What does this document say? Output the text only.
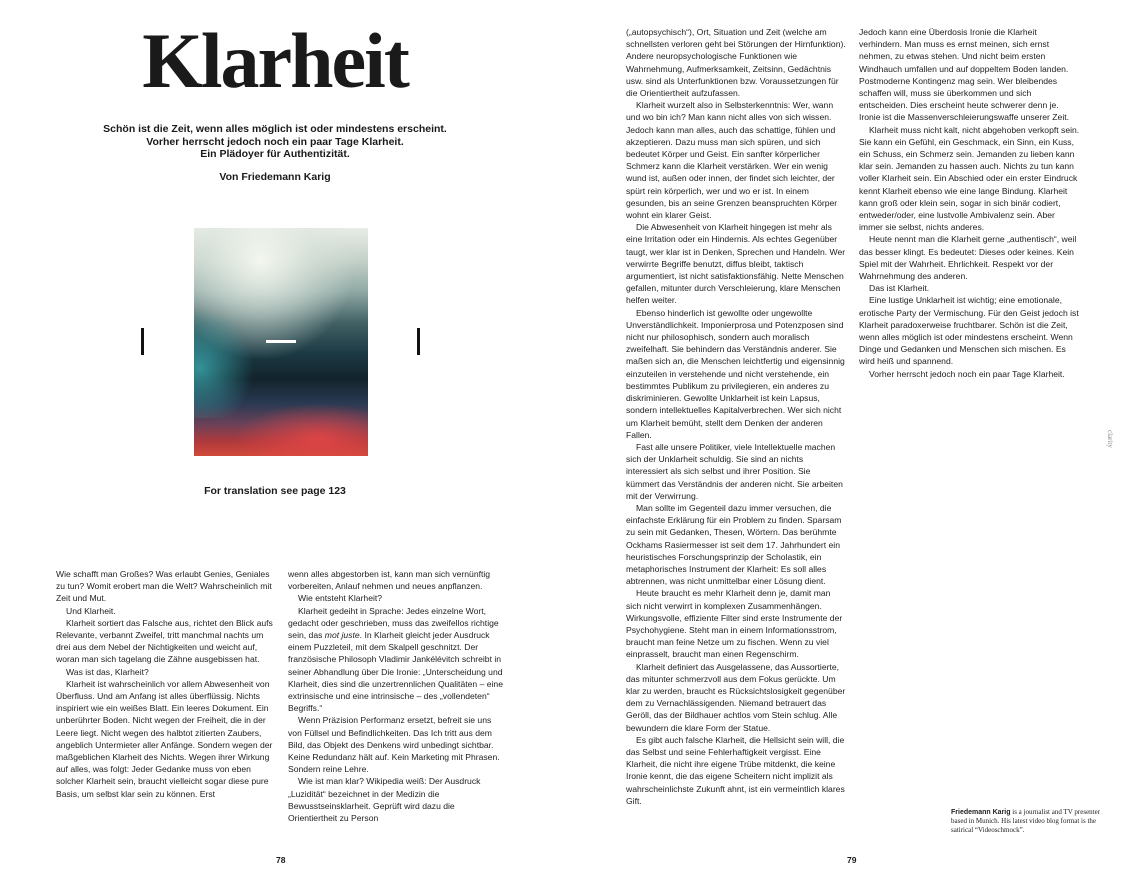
Klarheit
Schön ist die Zeit, wenn alles möglich ist oder mindestens erscheint.
Vorher herrscht jedoch noch ein paar Tage Klarheit.
Ein Plädoyer für Authentizität.
Von Friedemann Karig
For translation see page 123

Wie schafft man Großes? Was erlaubt Genies, Geniales zu tun? Womit erobert man die Welt? Wahrscheinlich mit Zeit und Mut.

Und Klarheit.

Klarheit sortiert das Falsche aus, richtet den Blick aufs Relevante, verbannt Zweifel, tritt manchmal nachts um drei aus dem Nebel der Nichtigkeiten und weicht auf, woran man sich tagelang die Zähne ausgebissen hat.

Was ist das, Klarheit?

Klarheit ist wahrscheinlich vor allem Abwesenheit von Überfluss. Und am Anfang ist alles überflüssig. Nichts inspiriert wie ein weißes Blatt. Ein leeres Dokument. Ein unberührter Boden. Nicht wegen der Freiheit, die in der Leere liegt. Nicht wegen des halbtot zitierten Zaubers, angeblich Untermieter aller Anfänge. Sondern wegen der maßgeblichen Klarheit des Nichts. Wegen ihrer Wirkung auf alles, was folgt: Jeder Gedanke muss von eben solcher Klarheit sein, braucht vielleicht sogar diese pure Basis, um selbst klar sein zu können. Erst

wenn alles abgestorben ist, kann man sich vernünftig vorbereiten, Anlauf nehmen und neues anpflanzen.

Wie entsteht Klarheit?

Klarheit gedeiht in Sprache: Jedes einzelne Wort, gedacht oder geschrieben, muss das zweifellos richtige sein, das mot juste. In Klarheit gleicht jeder Ausdruck einem Puzzleteil, mit dem Skalpell geschnitzt. Der französische Philosoph Vladimir Jankélévitch schreibt in seiner Abhandlung über Die Ironie: „Unterscheidung und Klarheit, dies sind die unzertrennlichen Qualitäten – eine extrinsische und eine intrinsische – des „vollendeten“ Begriffs.“

Wenn Präzision Performanz ersetzt, befreit sie uns von Füllsel und Befindlichkeiten. Das Ich tritt aus dem Bild, das Objekt des Denkens wird unbedingt sichtbar. Keine Redundanz hält auf. Kein Marketing mit Phrasen. Sondern reine Lehre.

Wie ist man klar? Wikipedia weiß: Der Ausdruck „Luzidität“ bezeichnet in der Medizin die Bewusstseinsklarheit. Geprüft wird dazu die Orientiertheit zu Person

78

(„autopsychisch“), Ort, Situation und Zeit (welche am schnellsten verloren geht bei Störungen der Hirnfunktion). Andere neuropsychologische Funktionen wie Wahrnehmung, Aufmerksamkeit, Zeitsinn, Gedächtnis usw. sind als Unterfunktionen bzw. Voraussetzungen für die Orientiertheit aufzufassen.

Klarheit wurzelt also in Selbsterkenntnis: Wer, wann und wo bin ich? Man kann nicht alles von sich wissen. Jedoch kann man alles, auch das schattige, fühlen und akzeptieren. Dazu muss man sich spüren, und sich bedeutet Körper und Geist. Ein sanfter körperlicher Schmerz kann die Klarheit verstärken. Wer ein wenig wund ist, außen oder innen, der findet sich leichter, der spürt rein körperlich, wer und wo er ist. In einem gesunden, bis an seine Grenzen beanspruchten Körper wohnt ein klarer Geist.

Die Abwesenheit von Klarheit hingegen ist mehr als eine Irritation oder ein Hindernis. Als echtes Gegenüber taugt, wer klar ist in Denken, Sprechen und Handeln. Wer verwirrte Begriffe benutzt, diffus bleibt, taktisch argumentiert, ist nicht satisfaktionsfähig. Nette Menschen gefallen, mitunter durch Verschleierung, klare Menschen helfen weiter.

Ebenso hinderlich ist gewollte oder ungewollte Unverständlichkeit. Imponierprosa und Potenzposen sind nicht nur philosophisch, sondern auch moralisch zweifelhaft. Sie behindern das Verständnis anderer. Sie maßen sich an, die Menschen leichtfertig und eigensinnig einzuteilen in verstehende und nicht verstehende, ein bestimmtes Publikum zu privilegieren, ein anderes zu diskriminieren. Gewollte Unklarheit ist kein Lapsus, sondern intellektuelles Kapitalverbrechen. Wer sich nicht um Klarheit bemüht, stellt dem Denken der anderen Fallen.

Fast alle unsere Politiker, viele Intellektuelle machen sich der Unklarheit schuldig. Sie sind an nichts interessiert als sich selbst und ihrer Position. Sie kümmert das Verständnis der anderen nicht. Sie arbeiten mit der Verwirrung.

Man sollte im Gegenteil dazu immer versuchen, die einfachste Erklärung für ein Problem zu finden. Sparsam zu sein mit Gedanken, Thesen, Wörtern. Das berühmte Ockhams Rasiermesser ist seit dem 17. Jahrhundert ein heuristisches Forschungsprinzip der Scholastik, ein metaphorisches Instrument der Klarheit: Es soll alles abtrennen, was nicht unmittelbar einer Lösung dient.

Heute braucht es mehr Klarheit denn je, damit man sich nicht verwirrt in komplexen Zusammenhängen. Wirkungsvolle, effiziente Filter sind erste Instrumente der Psychohygiene. Steht man in einem Informationsstrom, braucht man feine Netze um zu fischen. Wenn zu viel einprasselt, braucht man einen Regenschirm.

Klarheit definiert das Ausgelassene, das Aussortierte, das mitunter schmerzvoll aus dem Fokus gerückte. Um klar zu werden, braucht es Rücksichtslosigkeit gegenüber dem zu Vernachlässigenden. Niemand betrauert das Geröll, das der Bildhauer achtlos vom Stein schlug. Alle bewundern die klare Form der Statue.

Es gibt auch falsche Klarheit, die Hellsicht sein will, die das Selbst und seine Fehlerhaftigkeit vergisst. Eine Klarheit, die nicht ihre eigene Trübe mitdenkt, die keine Ironie kennt, die das eigene Scheitern nicht implizit als wahrscheinlichste Zukunft ahnt, ist ein vermeintlich klares Gift.

Jedoch kann eine Überdosis Ironie die Klarheit verhindern. Man muss es ernst meinen, sich ernst nehmen, zu etwas stehen. Und nicht beim ersten Windhauch umfallen und auf doppeltem Boden landen. Postmoderne Kontingenz mag sein. Wer bleibendes schaffen will, muss sie überkommen und sich entscheiden. Dies erscheint heute schwerer denn je. Ironie ist die Massenverschleierungswaffe unserer Zeit.

Klarheit muss nicht kalt, nicht abgehoben verkopft sein. Sie kann ein Gefühl, ein Geschmack, ein Sinn, ein Kuss, ein Schuss, ein Schmerz sein. Jemanden zu lieben kann klar sein. Jemanden zu hassen auch. Nichts zu tun kann voller Klarheit sein. Ein Abschied oder ein erster Eindruck kennt Klarheit ebenso wie eine lange Bindung. Klarheit kann groß oder klein sein, sogar in sich binär codiert, entweder/oder, eine lustvolle Ambivalenz sein. Aber immer sie selbst, nichts anderes.

Heute nennt man die Klarheit gerne „authentisch“, weil das besser klingt. Es bedeutet: Dieses oder keines. Kein Spiel mit der Wahrheit. Ehrlichkeit. Respekt vor der Wahrnehmung des anderen.

Das ist Klarheit.

Eine lustige Unklarheit ist wichtig; eine emotionale, erotische Party der Vermischung. Für den Geist jedoch ist Klarheit paradoxerweise fruchtbarer. Schön ist die Zeit, wenn alles möglich ist oder mindestens erscheint. Wenn Dinge und Gedanken und Menschen sich mischen. Es wird heiß und spannend.

Vorher herrscht jedoch noch ein paar Tage Klarheit.

Friedemann Karig is a journalist and TV presenter based in Munich. His latest video blog format is the satirical “Videoschmock”.
clarity
79
